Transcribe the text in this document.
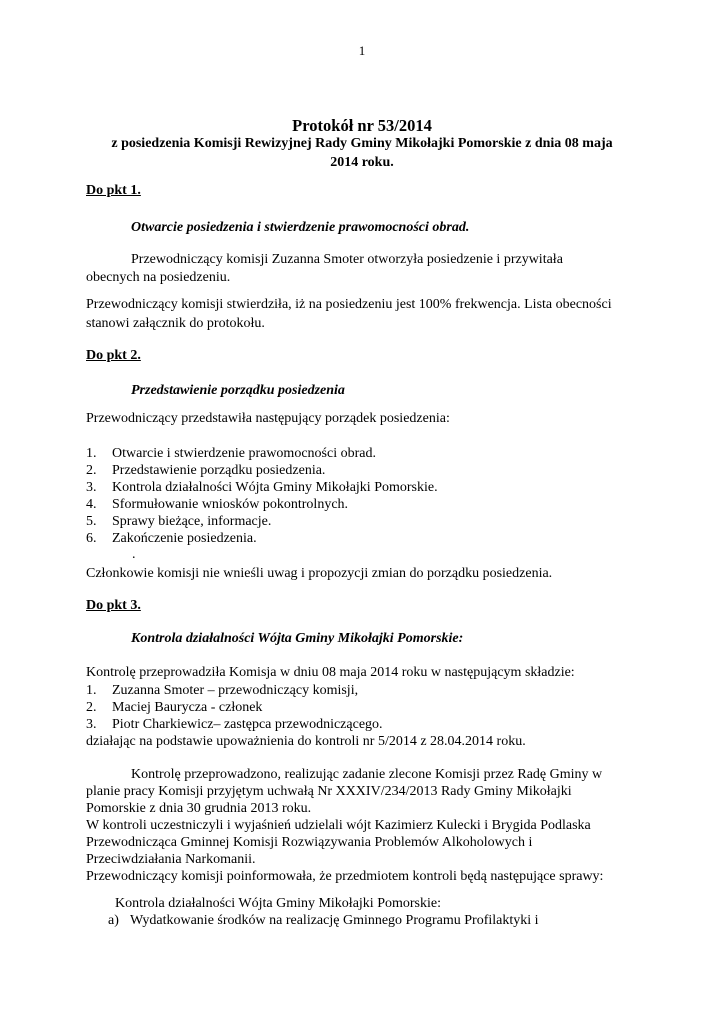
1
Protokół nr 53/2014
z posiedzenia Komisji Rewizyjnej Rady Gminy Mikołajki Pomorskie z dnia 08 maja
2014 roku.
Do pkt 1.
Otwarcie posiedzenia i stwierdzenie prawomocności obrad.
Przewodniczący komisji Zuzanna Smoter otworzyła posiedzenie i przywitała
obecnych na posiedzeniu.
Przewodniczący komisji stwierdziła, iż na posiedzeniu jest 100% frekwencja. Lista obecności
stanowi załącznik do protokołu.
Do pkt 2.
Przedstawienie porządku posiedzenia
Przewodniczący przedstawiła następujący porządek posiedzenia:
1. Otwarcie i stwierdzenie prawomocności obrad.
2. Przedstawienie porządku posiedzenia.
3. Kontrola działalności Wójta Gminy Mikołajki Pomorskie.
4. Sformułowanie wniosków pokontrolnych.
5. Sprawy bieżące, informacje.
6. Zakończenie posiedzenia.
.
Członkowie komisji nie wnieśli uwag i propozycji zmian do porządku posiedzenia.
Do pkt 3.
Kontrola działalności Wójta Gminy Mikołajki Pomorskie:
Kontrolę przeprowadziła Komisja w dniu 08 maja 2014 roku w następującym składzie:
1. Zuzanna Smoter – przewodniczący komisji,
2. Maciej Baurycza - członek
3. Piotr Charkiewicz– zastępca przewodniczącego.
działając na podstawie upoważnienia do kontroli nr 5/2014 z 28.04.2014 roku.
Kontrolę przeprowadzono, realizując zadanie zlecone Komisji przez Radę Gminy w
planie pracy Komisji przyjętym uchwałą Nr XXXIV/234/2013 Rady Gminy Mikołajki
Pomorskie z dnia 30 grudnia 2013 roku.
W kontroli uczestniczyli i wyjaśnień udzielali wójt Kazimierz Kulecki i Brygida Podlaska
Przewodnicząca Gminnej Komisji Rozwiązywania Problemów Alkoholowych i
Przeciwdziałania Narkomanii.
Przewodniczący komisji poinformowała, że przedmiotem kontroli będą następujące sprawy:
Kontrola działalności Wójta Gminy Mikołajki Pomorskie:
a) Wydatkowanie środków na realizację Gminnego Programu Profilaktyki i
